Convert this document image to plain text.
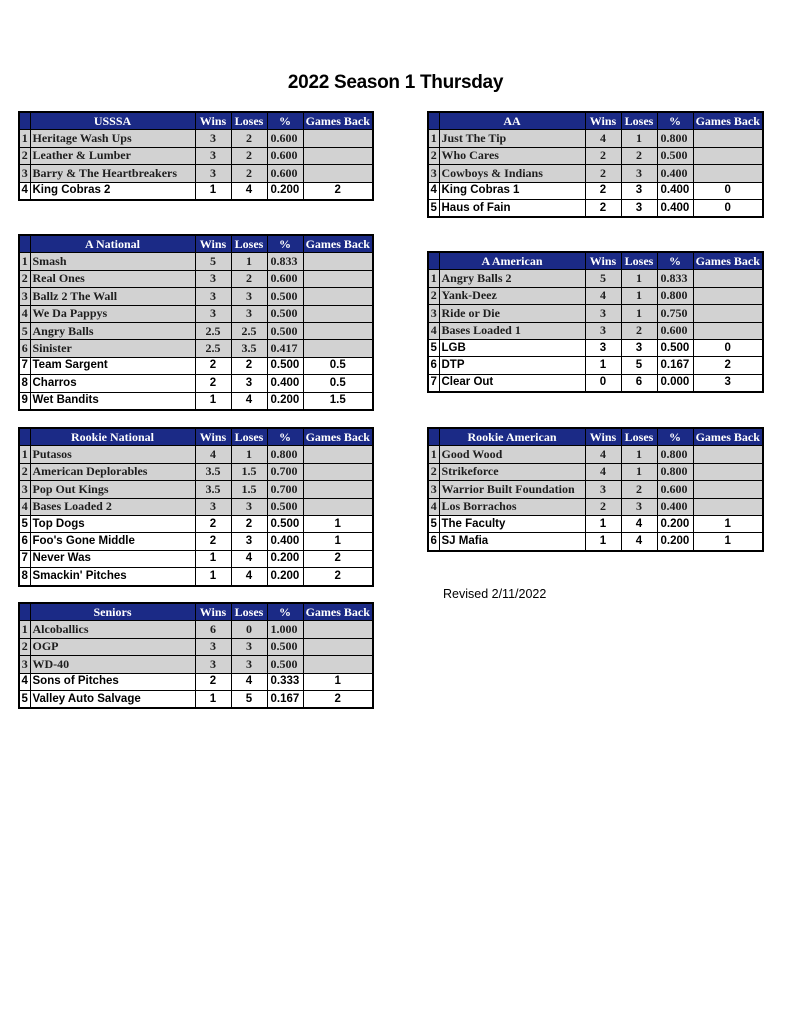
2022 Season 1 Thursday
	USSSA	Wins	Loses	%	Games Back
1	Heritage Wash Ups	3	2	0.600	
2	Leather & Lumber	3	2	0.600	
3	Barry & The Heartbreakers	3	2	0.600	
4	King Cobras 2	1	4	0.200	2
	AA	Wins	Loses	%	Games Back
1	Just The Tip	4	1	0.800	
2	Who Cares	2	2	0.500	
3	Cowboys & Indians	2	3	0.400	
4	King Cobras 1	2	3	0.400	0
5	Haus of Fain	2	3	0.400	0
	A National	Wins	Loses	%	Games Back
1	Smash	5	1	0.833	
2	Real Ones	3	2	0.600	
3	Ballz 2 The Wall	3	3	0.500	
4	We Da Pappys	3	3	0.500	
5	Angry Balls	2.5	2.5	0.500	
6	Sinister	2.5	3.5	0.417	
7	Team Sargent	2	2	0.500	0.5
8	Charros	2	3	0.400	0.5
9	Wet Bandits	1	4	0.200	1.5
	A American	Wins	Loses	%	Games Back
1	Angry Balls 2	5	1	0.833	
2	Yank-Deez	4	1	0.800	
3	Ride or Die	3	1	0.750	
4	Bases Loaded 1	3	2	0.600	
5	LGB	3	3	0.500	0
6	DTP	1	5	0.167	2
7	Clear Out	0	6	0.000	3
	Rookie National	Wins	Loses	%	Games Back
1	Putasos	4	1	0.800	
2	American Deplorables	3.5	1.5	0.700	
3	Pop Out Kings	3.5	1.5	0.700	
4	Bases Loaded 2	3	3	0.500	
5	Top Dogs	2	2	0.500	1
6	Foo's Gone Middle	2	3	0.400	1
7	Never Was	1	4	0.200	2
8	Smackin' Pitches	1	4	0.200	2
	Rookie American	Wins	Loses	%	Games Back
1	Good Wood	4	1	0.800	
2	Strikeforce	4	1	0.800	
3	Warrior Built Foundation	3	2	0.600	
4	Los Borrachos	2	3	0.400	
5	The Faculty	1	4	0.200	1
6	SJ Mafia	1	4	0.200	1
	Seniors	Wins	Loses	%	Games Back
1	Alcoballics	6	0	1.000	
2	OGP	3	3	0.500	
3	WD-40	3	3	0.500	
4	Sons of Pitches	2	4	0.333	1
5	Valley Auto Salvage	1	5	0.167	2
Revised 2/11/2022
